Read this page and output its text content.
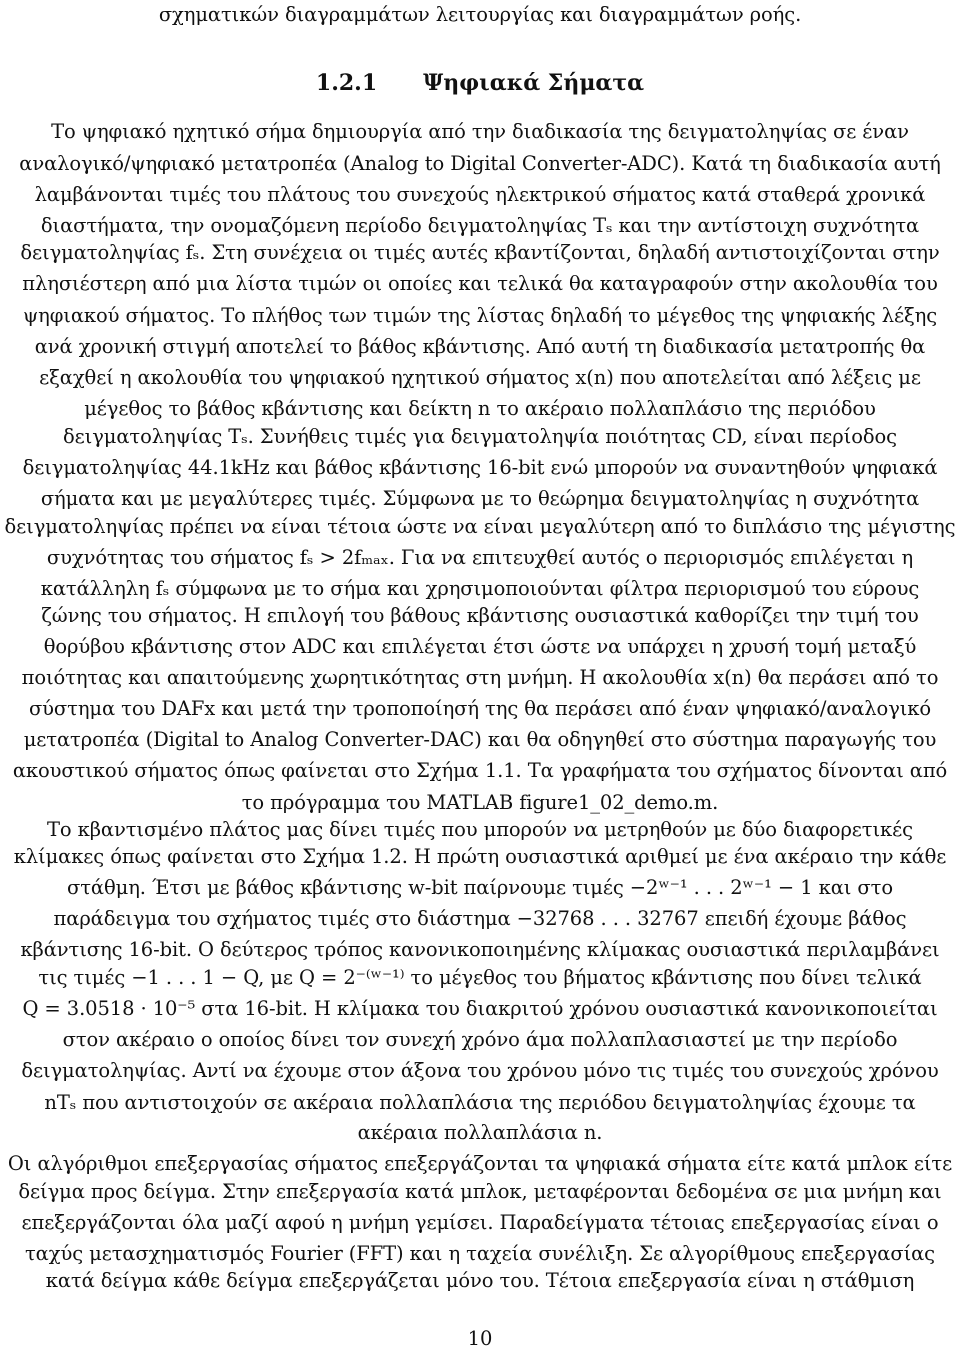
σχηματικών διαγραμμάτων λειτουργίας και διαγραμμάτων ροής.
1.2.1 Ψηφιακά Σήματα
Το ψηφιακό ηχητικό σήμα δημιουργία από την διαδικασία της δειγματοληψίας σε έναν
αναλογικό/ψηφιακό μετατροπέα (Analog to Digital Converter-ADC). Κατά τη διαδικασία αυτή
λαμβάνονται τιμές του πλάτους του συνεχούς ηλεκτρικού σήματος κατά σταθερά χρονικά
διαστήματα, την ονομαζόμενη περίοδο δειγματοληψίας Tₛ και την αντίστοιχη συχνότητα
δειγματοληψίας fₛ. Στη συνέχεια οι τιμές αυτές κβαντίζονται, δηλαδή αντιστοιχίζονται στην
πλησιέστερη από μια λίστα τιμών οι οποίες και τελικά θα καταγραφούν στην ακολουθία του
ψηφιακού σήματος. Το πλήθος των τιμών της λίστας δηλαδή το μέγεθος της ψηφιακής λέξης
ανά χρονική στιγμή αποτελεί το βάθος κβάντισης. Από αυτή τη διαδικασία μετατροπής θα
εξαχθεί η ακολουθία του ψηφιακού ηχητικού σήματος x(n) που αποτελείται από λέξεις με
μέγεθος το βάθος κβάντισης και δείκτη n το ακέραιο πολλαπλάσιο της περιόδου
δειγματοληψίας Tₛ. Συνήθεις τιμές για δειγματοληψία ποιότητας CD, είναι περίοδος
δειγματοληψίας 44.1kHz και βάθος κβάντισης 16-bit ενώ μπορούν να συναντηθούν ψηφιακά
σήματα και με μεγαλύτερες τιμές. Σύμφωνα με το θεώρημα δειγματοληψίας η συχνότητα
δειγματοληψίας πρέπει να είναι τέτοια ώστε να είναι μεγαλύτερη από το διπλάσιο της μέγιστης
συχνότητας του σήματος fₛ > 2fₘₐₓ. Για να επιτευχθεί αυτός ο περιορισμός επιλέγεται η
κατάλληλη fₛ σύμφωνα με το σήμα και χρησιμοποιούνται φίλτρα περιορισμού του εύρους
ζώνης του σήματος. Η επιλογή του βάθους κβάντισης ουσιαστικά καθορίζει την τιμή του
θορύβου κβάντισης στον ADC και επιλέγεται έτσι ώστε να υπάρχει η χρυσή τομή μεταξύ
ποιότητας και απαιτούμενης χωρητικότητας στη μνήμη. Η ακολουθία x(n) θα περάσει από το
σύστημα του DAFx και μετά την τροποποίησή της θα περάσει από έναν ψηφιακό/αναλογικό
μετατροπέα (Digital to Analog Converter-DAC) και θα οδηγηθεί στο σύστημα παραγωγής του
ακουστικού σήματος όπως φαίνεται στο Σχήμα 1.1. Τα γραφήματα του σχήματος δίνονται από
το πρόγραμμα του MATLAB figure1_02_demo.m.
Το κβαντισμένο πλάτος μας δίνει τιμές που μπορούν να μετρηθούν με δύο διαφορετικές
κλίμακες όπως φαίνεται στο Σχήμα 1.2. Η πρώτη ουσιαστικά αριθμεί με ένα ακέραιο την κάθε
στάθμη. Έτσι με βάθος κβάντισης w-bit παίρνουμε τιμές −2ʷ⁻¹ . . . 2ʷ⁻¹ − 1 και στο
παράδειγμα του σχήματος τιμές στο διάστημα −32768 . . . 32767 επειδή έχουμε βάθος
κβάντισης 16-bit. Ο δεύτερος τρόπος κανονικοποιημένης κλίμακας ουσιαστικά περιλαμβάνει
τις τιμές −1 . . . 1 − Q, με Q = 2⁻⁽ʷ⁻¹⁾ το μέγεθος του βήματος κβάντισης που δίνει τελικά
Q = 3.0518 · 10⁻⁵ στα 16-bit. Η κλίμακα του διακριτού χρόνου ουσιαστικά κανονικοποιείται
στον ακέραιο ο οποίος δίνει τον συνεχή χρόνο άμα πολλαπλασιαστεί με την περίοδο
δειγματοληψίας. Αντί να έχουμε στον άξονα του χρόνου μόνο τις τιμές του συνεχούς χρόνου
nTₛ που αντιστοιχούν σε ακέραια πολλαπλάσια της περιόδου δειγματοληψίας έχουμε τα
ακέραια πολλαπλάσια n.
Οι αλγόριθμοι επεξεργασίας σήματος επεξεργάζονται τα ψηφιακά σήματα είτε κατά μπλοκ είτε
δείγμα προς δείγμα. Στην επεξεργασία κατά μπλοκ, μεταφέρονται δεδομένα σε μια μνήμη και
επεξεργάζονται όλα μαζί αφού η μνήμη γεμίσει. Παραδείγματα τέτοιας επεξεργασίας είναι ο
ταχύς μετασχηματισμός Fourier (FFT) και η ταχεία συνέλιξη. Σε αλγορίθμους επεξεργασίας
κατά δείγμα κάθε δείγμα επεξεργάζεται μόνο του. Τέτοια επεξεργασία είναι η στάθμιση
10
